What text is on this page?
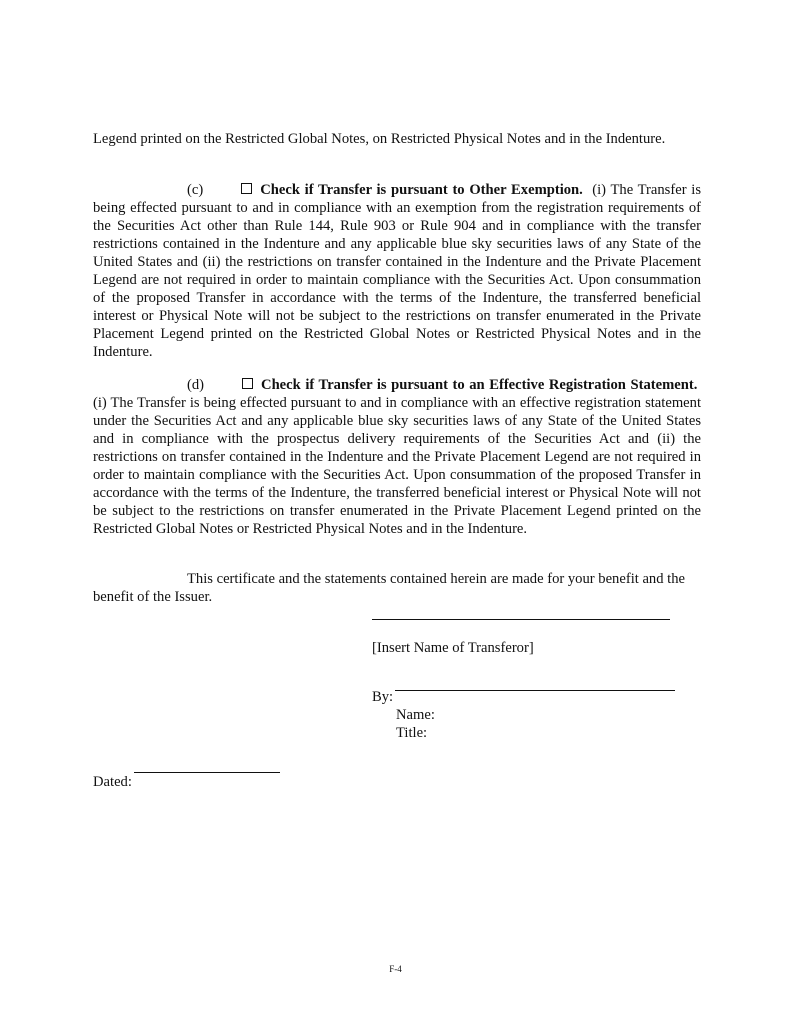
Legend printed on the Restricted Global Notes, on Restricted Physical Notes and in the Indenture.
(c)	Check if Transfer is pursuant to Other Exemption. (i) The Transfer is being effected pursuant to and in compliance with an exemption from the registration requirements of the Securities Act other than Rule 144, Rule 903 or Rule 904 and in compliance with the transfer restrictions contained in the Indenture and any applicable blue sky securities laws of any State of the United States and (ii) the restrictions on transfer contained in the Indenture and the Private Placement Legend are not required in order to maintain compliance with the Securities Act. Upon consummation of the proposed Transfer in accordance with the terms of the Indenture, the transferred beneficial interest or Physical Note will not be subject to the restrictions on transfer enumerated in the Private Placement Legend printed on the Restricted Global Notes or Restricted Physical Notes and in the Indenture.
(d)	Check if Transfer is pursuant to an Effective Registration Statement.  (i) The Transfer is being effected pursuant to and in compliance with an effective registration statement under the Securities Act and any applicable blue sky securities laws of any State of the United States and in compliance with the prospectus delivery requirements of the Securities Act and (ii) the restrictions on transfer contained in the Indenture and the Private Placement Legend are not required in order to maintain compliance with the Securities Act. Upon consummation of the proposed Transfer in accordance with the terms of the Indenture, the transferred beneficial interest or Physical Note will not be subject to the restrictions on transfer enumerated in the Private Placement Legend printed on the Restricted Global Notes or Restricted Physical Notes and in the Indenture.
This certificate and the statements contained herein are made for your benefit and the benefit of the Issuer.
[Insert Name of Transferor]
By:
Name:
Title:
Dated:
F-4
